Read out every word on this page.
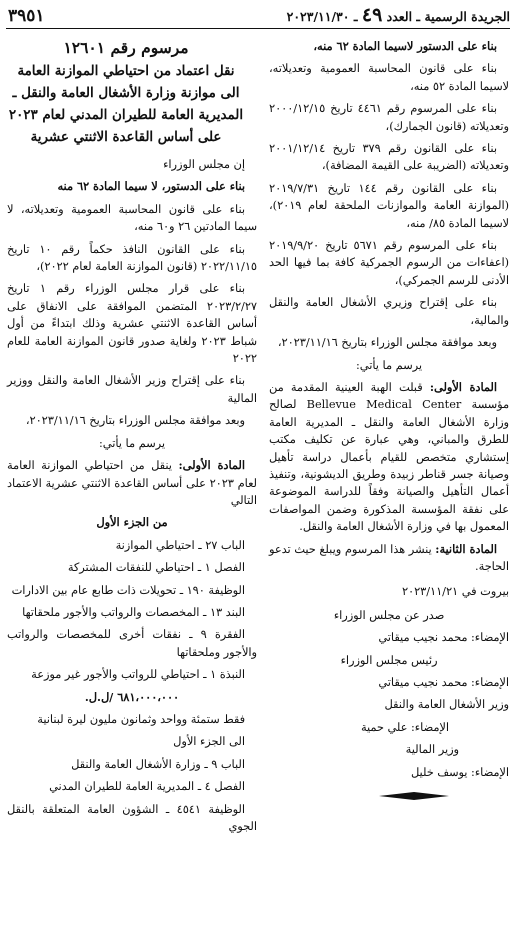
الجريدة الرسمية ـ العدد ٤٩ ـ ٢٠٢٣/١١/٣٠
٣٩٥١

بناء على الدستور لاسيما المادة ٦٢ منه،

بناء على قانون المحاسبة العمومية وتعديلاته، لاسيما المادة ٥٢ منه،

بناء على المرسوم رقم ٤٤٦١ تاريخ ٢٠٠٠/١٢/١٥ وتعديلاته (قانون الجمارك)،

بناء على القانون رقم ٣٧٩ تاريخ ٢٠٠١/١٢/١٤ وتعديلاته (الضريبة على القيمة المضافة)،

بناء على القانون رقم ١٤٤ تاريخ ٢٠١٩/٧/٣١ (الموازنة العامة والموازنات الملحقة لعام ٢٠١٩)، لاسيما المادة ٨٥/ منه،

بناء على المرسوم رقم ٥٦٧١ تاريخ ٢٠١٩/٩/٢٠ (اعفاءات من الرسوم الجمركية كافة بما فيها الحد الأدنى للرسم الجمركي)،

بناء على إقتراح وزيري الأشغال العامة والنقل والمالية،

وبعد موافقة مجلس الوزراء بتاريخ ٢٠٢٣/١١/١٦،

يرسم ما يأتي:

المادة الأولى: قبلت الهبة العينية المقدمة من مؤسسة Bellevue Medical Center لصالح وزارة الأشغال العامة والنقل ـ المديرية العامة للطرق والمباني، وهي عبارة عن تكليف مكتب إستشاري متخصص للقيام بأعمال دراسة تأهيل وصيانة جسر قناطر زبيدة وطريق الديشونية، وتنفيذ أعمال التأهيل والصيانة وفقاً للدراسة الموضوعة على نفقة المؤسسة المذكورة وضمن المواصفات المعمول بها في وزارة الأشغال العامة والنقل.

المادة الثانية: ينشر هذا المرسوم ويبلغ حيث تدعو الحاجة.

بيروت في ٢٠٢٣/١١/٢١

صدر عن مجلس الوزراء

الإمضاء: محمد نجيب ميقاتي

رئيس مجلس الوزراء

الإمضاء: محمد نجيب ميقاتي

وزير الأشغال العامة والنقل

الإمضاء: علي حمية

وزير المالية

الإمضاء: يوسف خليل

مرسوم رقم ١٢٦٠١

نقل اعتماد من احتياطي الموازنة العامة

الى موازنة وزارة الأشغال العامة والنقل ـ

المديرية العامة للطيران المدني لعام ٢٠٢٣

على أساس القاعدة الاثنتي عشرية

إن مجلس الوزراء

بناء على الدستور، لا سيما المادة ٦٢ منه

بناء على قانون المحاسبة العمومية وتعديلاته، لا سيما المادتين ٢٦ و٦٠ منه،

بناء على القانون النافذ حكماً رقم ١٠ تاريخ ٢٠٢٢/١١/١٥ (قانون الموازنة العامة لعام ٢٠٢٢)،

بناء على قرار مجلس الوزراء رقم ١ تاريخ ٢٠٢٣/٢/٢٧ المتضمن الموافقة على الانفاق على أساس القاعدة الاثنتي عشرية وذلك ابتداءً من أول شباط ٢٠٢٣ ولغاية صدور قانون الموازنة العامة للعام ٢٠٢٢

بناء على إقتراح وزير الأشغال العامة والنقل ووزير المالية

وبعد موافقة مجلس الوزراء بتاريخ ٢٠٢٣/١١/١٦،

يرسم ما يأتي:

المادة الأولى: ينقل من احتياطي الموازنة العامة لعام ٢٠٢٣ على أساس القاعدة الاثنتي عشرية الاعتماد التالي

من الجزء الأول

الباب ٢٧ ـ احتياطي الموازنة

الفصل ١ ـ احتياطي للنفقات المشتركة

الوظيفة ١٩٠ ـ تحويلات ذات طابع عام بين الادارات

البند ١٣ ـ المخصصات والرواتب والأجور ملحقاتها

الفقرة ٩ ـ نفقات أخرى للمخصصات والرواتب والأجور وملحقاتها

النبذة ١ ـ احتياطي للرواتب والأجور غير موزعة

٦٨١،٠٠٠،٠٠٠ /ل.ل.

فقط ستمئة وواحد وثمانون مليون ليرة لبنانية

الى الجزء الأول

الباب ٩ ـ وزارة الأشغال العامة والنقل

الفصل ٤ ـ المديرية العامة للطيران المدني

الوظيفة ٤٥٤١ ـ الشؤون العامة المتعلقة بالنقل الجوي
